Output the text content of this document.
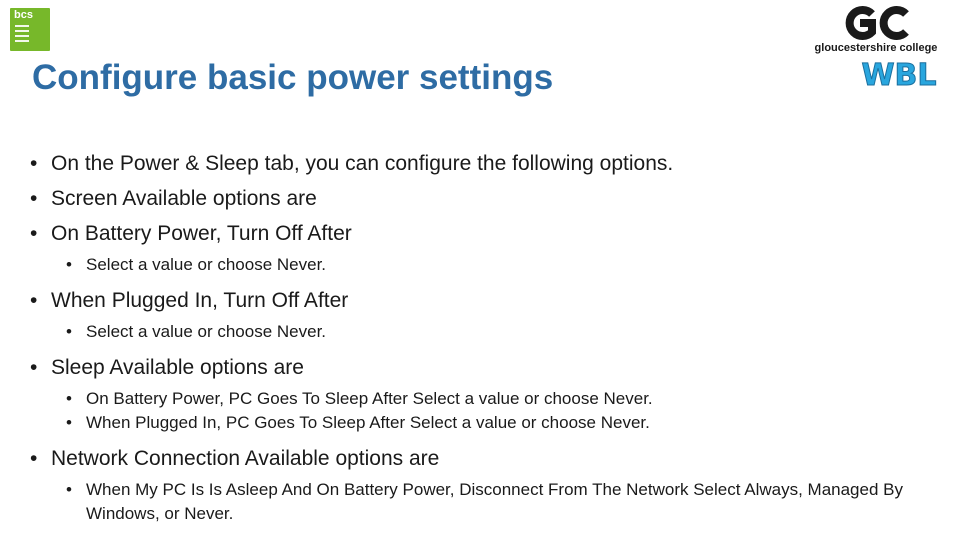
bcs
gloucestershire college
WBL
Configure basic power settings
• On the Power & Sleep tab, you can configure the following options.
• Screen Available options are
• On Battery Power, Turn Off After
• Select a value or choose Never.
• When Plugged In, Turn Off After
• Select a value or choose Never.
• Sleep Available options are
• On Battery Power, PC Goes To Sleep After Select a value or choose Never.
• When Plugged In, PC Goes To Sleep After Select a value or choose Never.
• Network Connection Available options are
• When My PC Is Is Asleep And On Battery Power, Disconnect From The Network Select Always, Managed By Windows, or Never.
